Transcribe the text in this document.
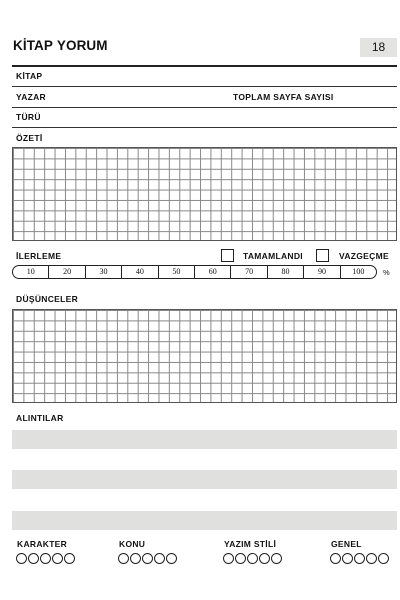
KİTAP YORUM	18
KİTAP
YAZAR	TOPLAM SAYFA SAYISI
TÜRÜ
ÖZETİ
İLERLEME	TAMAMLANDI	VAZGEÇME
10	20	30	40	50	60	70	80	90	100	%
DÜŞÜNCELER
ALINTILAR
KARAKTER	KONU	YAZIM STİLİ	GENEL
